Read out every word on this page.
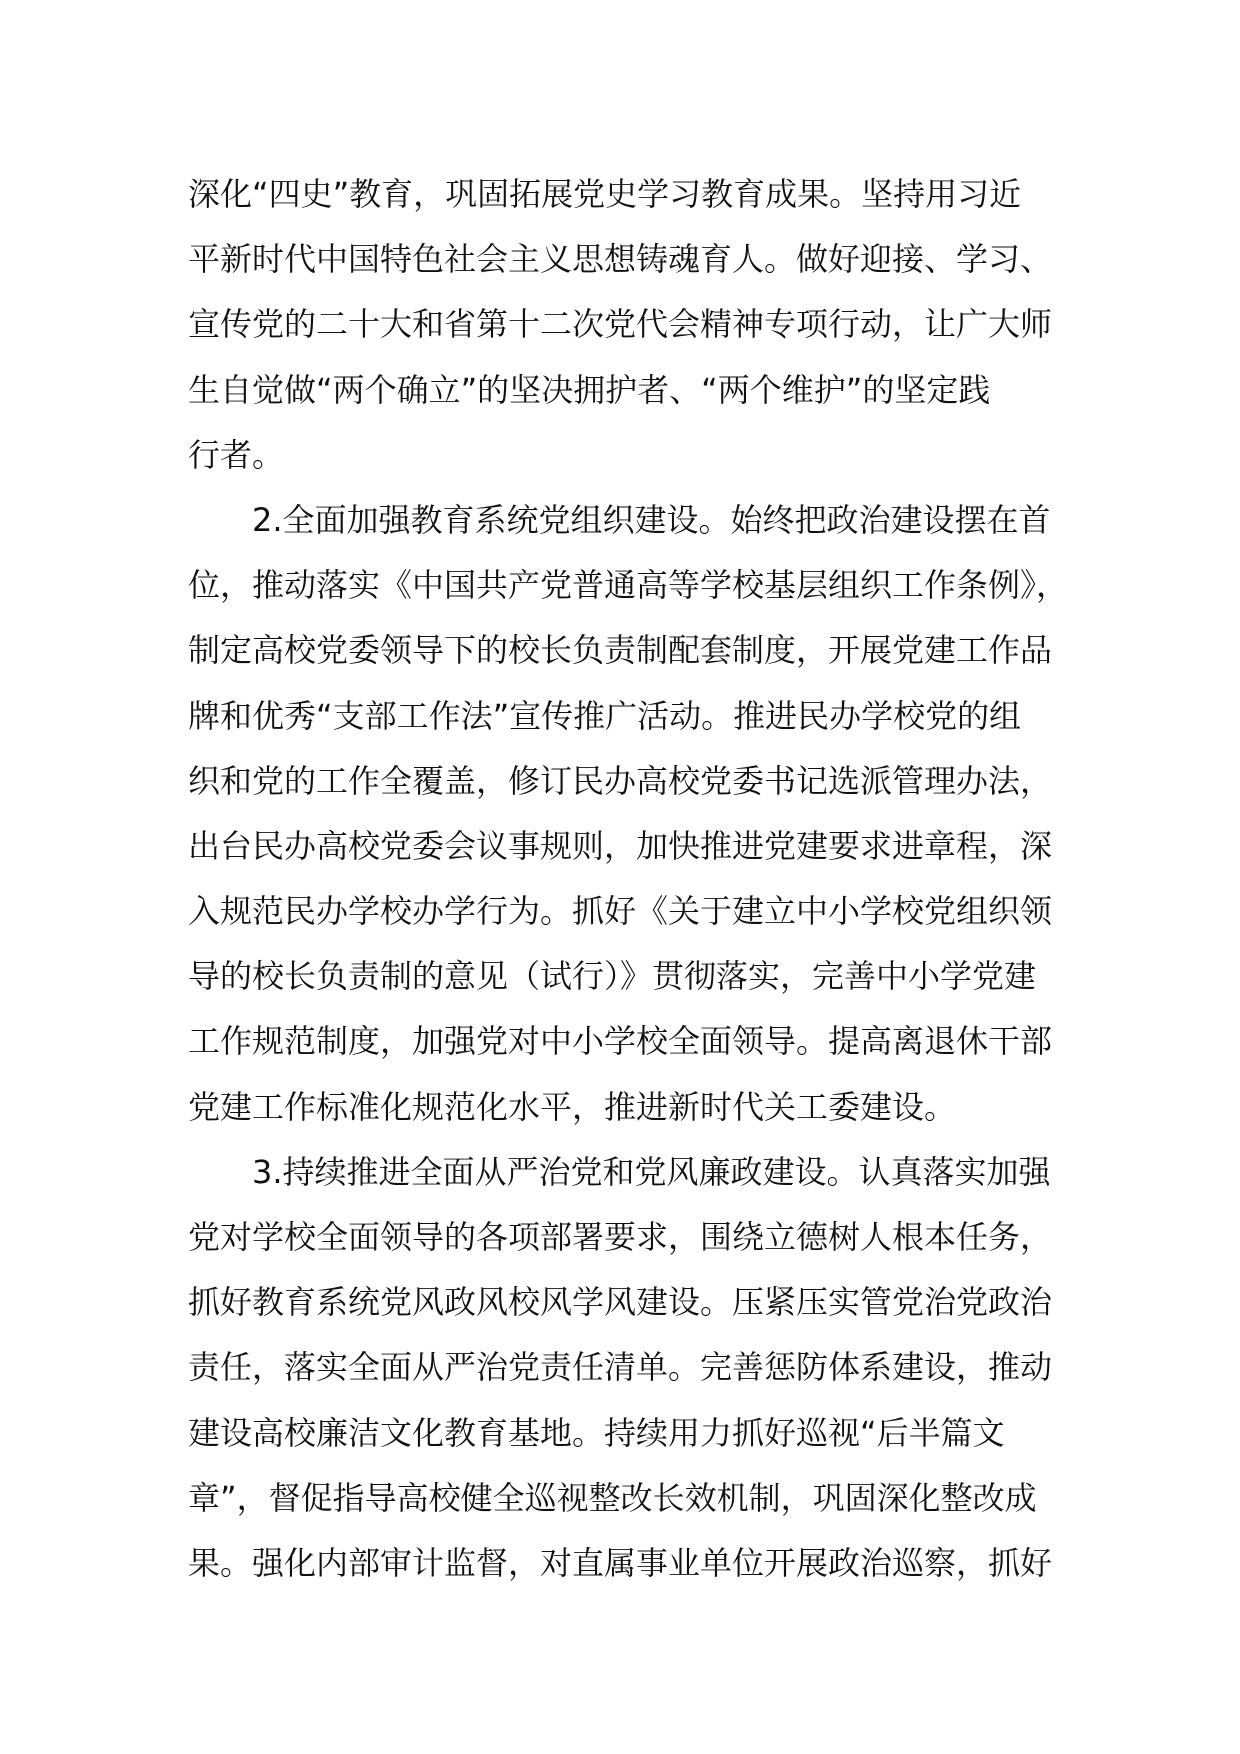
深化“四史”教育，巩固拓展党史学习教育成果。坚持用习近
平新时代中国特色社会主义思想铸魂育人。做好迎接、学习、
宣传党的二十大和省第十二次党代会精神专项行动，让广大师
生自觉做“两个确立”的坚决拥护者、“两个维护”的坚定践
行者。
2.全面加强教育系统党组织建设。始终把政治建设摆在首
位，推动落实《中国共产党普通高等学校基层组织工作条例》，
制定高校党委领导下的校长负责制配套制度，开展党建工作品
牌和优秀“支部工作法”宣传推广活动。推进民办学校党的组
织和党的工作全覆盖，修订民办高校党委书记选派管理办法，
出台民办高校党委会议事规则，加快推进党建要求进章程，深
入规范民办学校办学行为。抓好《关于建立中小学校党组织领
导的校长负责制的意见（试行）》贯彻落实，完善中小学党建
工作规范制度，加强党对中小学校全面领导。提高离退休干部
党建工作标准化规范化水平，推进新时代关工委建设。
3.持续推进全面从严治党和党风廉政建设。认真落实加强
党对学校全面领导的各项部署要求，围绕立德树人根本任务，
抓好教育系统党风政风校风学风建设。压紧压实管党治党政治
责任，落实全面从严治党责任清单。完善惩防体系建设，推动
建设高校廉洁文化教育基地。持续用力抓好巡视“后半篇文
章”，督促指导高校健全巡视整改长效机制，巩固深化整改成
果。强化内部审计监督，对直属事业单位开展政治巡察，抓好
